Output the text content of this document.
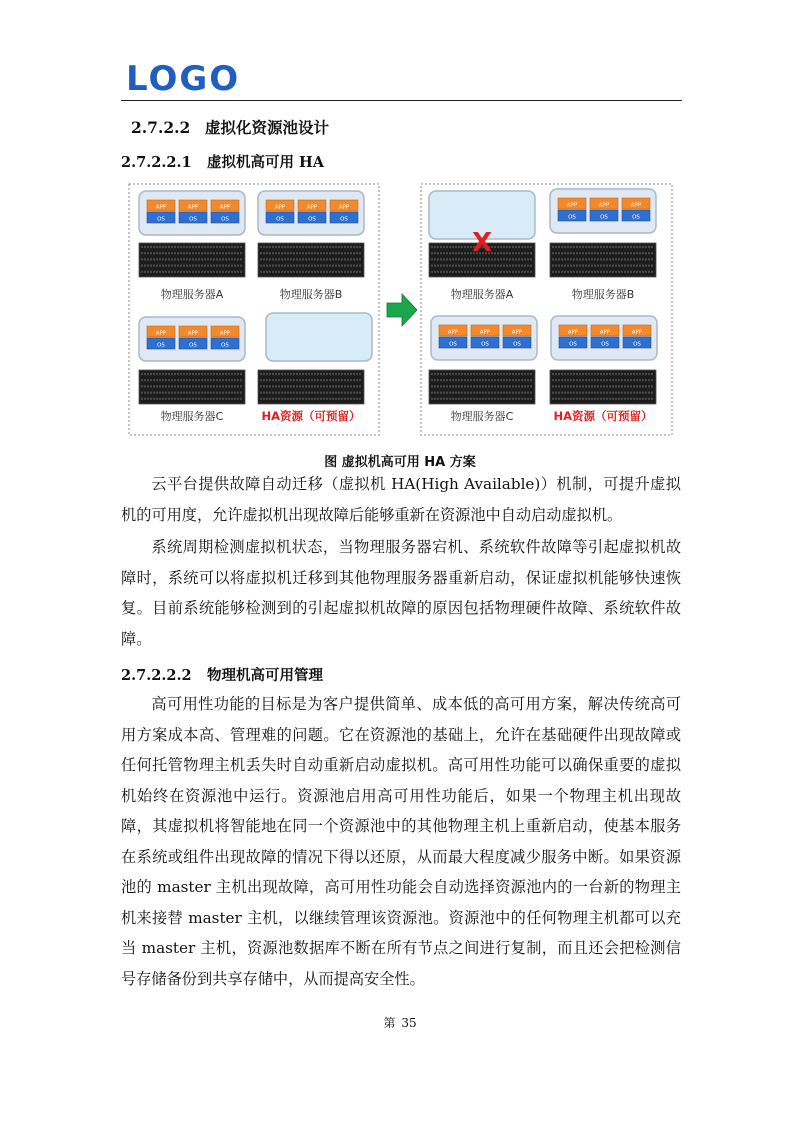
LOGO
2.7.2.2 虚拟化资源池设计
2.7.2.2.1 虚拟机高可用 HA
APP
OS
APP
OS
APP
OS
物理服务器A
APP
OS
APP
OS
APP
OS
物理服务器B
APP
OS
APP
OS
APP
OS
物理服务器C	HA资源（可预留）
物理服务器A
X
APP
OS
APP
OS
APP
OS
物理服务器B
APP
OS
APP
OS
APP
OS
物理服务器C
APP
OS
APP
OS
APP
OS
HA资源（可预留）
图 虚拟机高可用 HA 方案
云平台提供故障自动迁移（虚拟机 HA(High Available)）机制，可提升虚拟机的可用度，允许虚拟机出现故障后能够重新在资源池中自动启动虚拟机。
系统周期检测虚拟机状态，当物理服务器宕机、系统软件故障等引起虚拟机故障时，系统可以将虚拟机迁移到其他物理服务器重新启动，保证虚拟机能够快速恢复。目前系统能够检测到的引起虚拟机故障的原因包括物理硬件故障、系统软件故障。
2.7.2.2.2 物理机高可用管理
高可用性功能的目标是为客户提供简单、成本低的高可用方案，解决传统高可用方案成本高、管理难的问题。它在资源池的基础上，允许在基础硬件出现故障或任何托管物理主机丢失时自动重新启动虚拟机。高可用性功能可以确保重要的虚拟机始终在资源池中运行。资源池启用高可用性功能后，如果一个物理主机出现故障，其虚拟机将智能地在同一个资源池中的其他物理主机上重新启动，使基本服务在系统或组件出现故障的情况下得以还原，从而最大程度减少服务中断。如果资源池的 master 主机出现故障，高可用性功能会自动选择资源池内的一台新的物理主机来接替 master 主机，以继续管理该资源池。资源池中的任何物理主机都可以充当 master 主机，资源池数据库不断在所有节点之间进行复制，而且还会把检测信号存储备份到共享存储中，从而提高安全性。
第 35
